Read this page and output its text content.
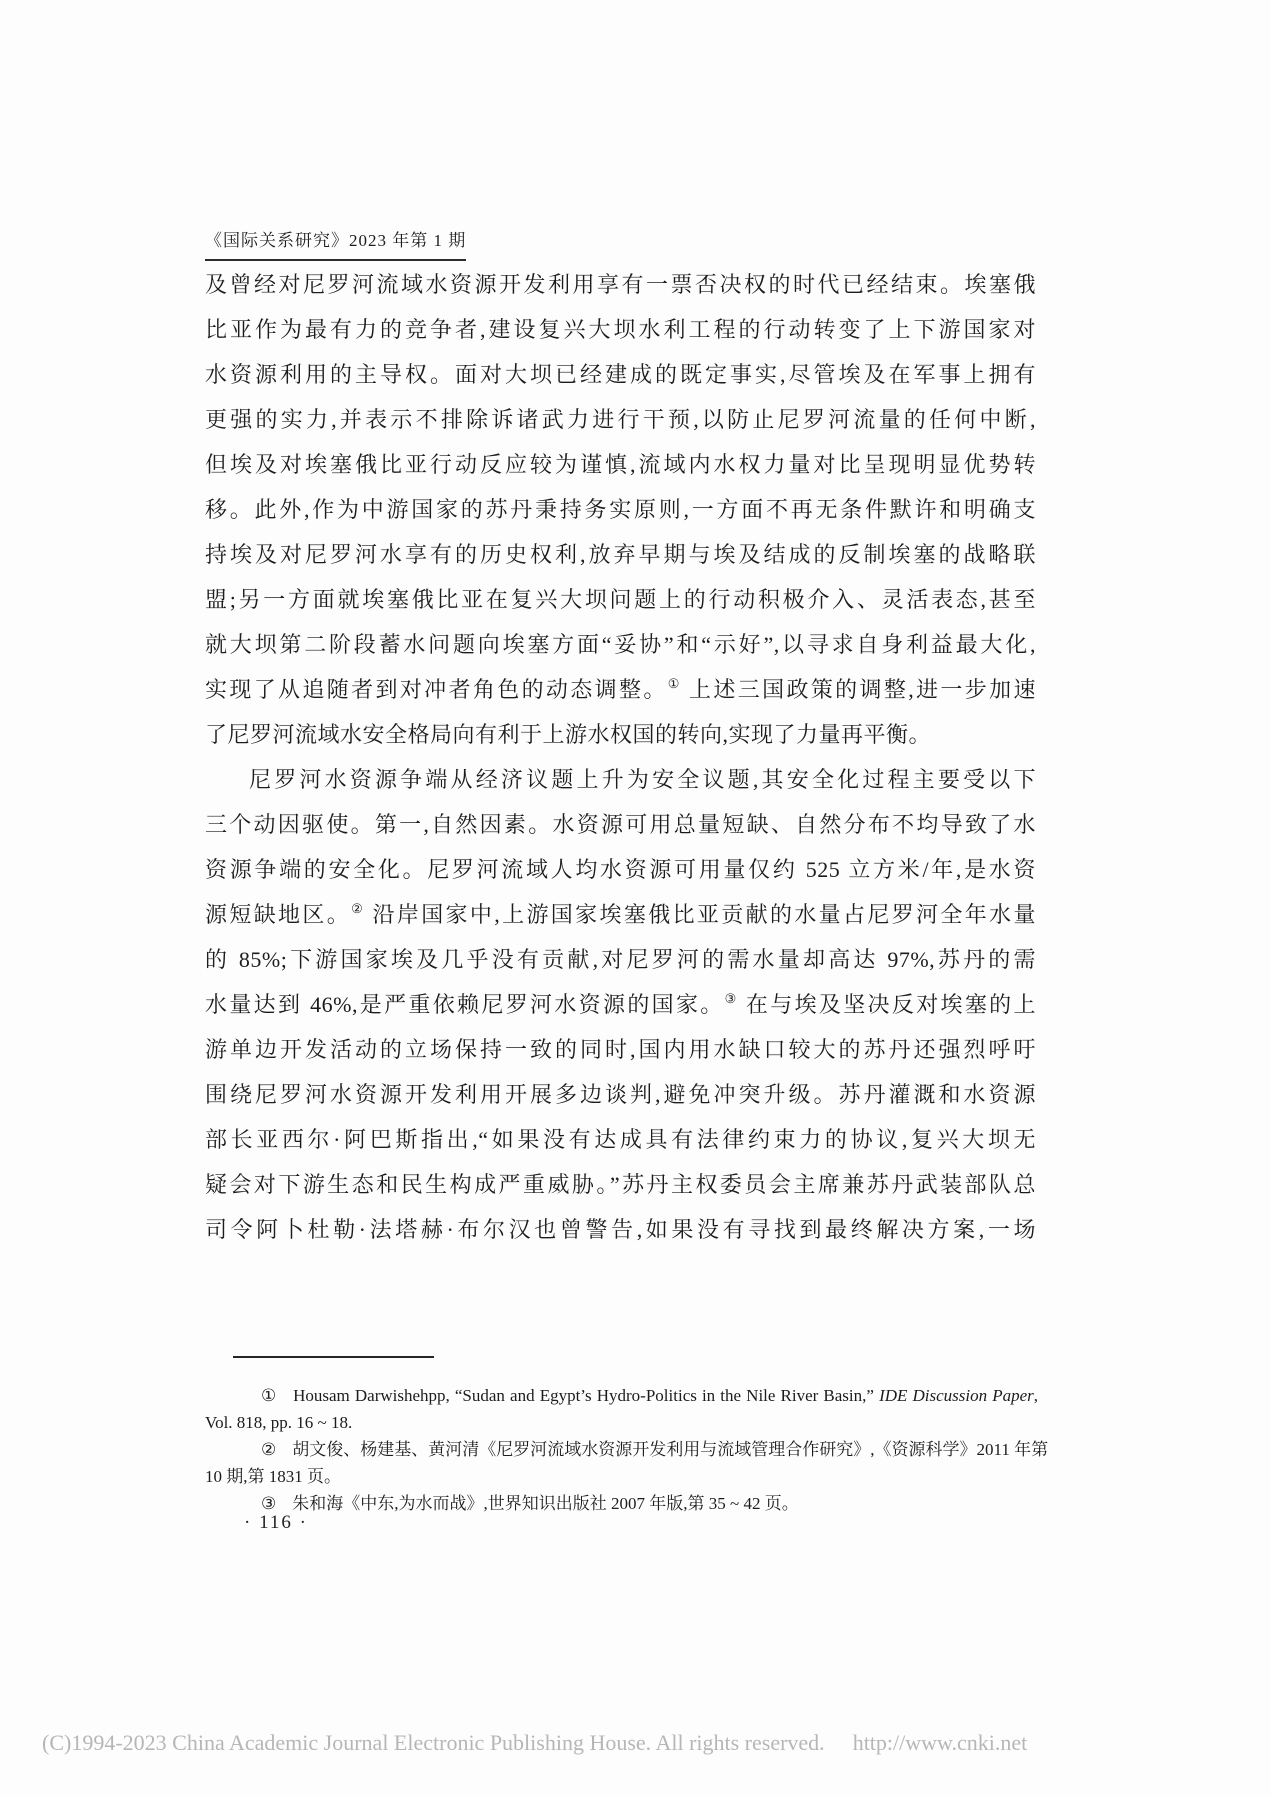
《国际关系研究》2023 年第 1 期
及曾经对尼罗河流域水资源开发利用享有一票否决权的时代已经结束。埃塞俄
比亚作为最有力的竞争者,建设复兴大坝水利工程的行动转变了上下游国家对
水资源利用的主导权。面对大坝已经建成的既定事实,尽管埃及在军事上拥有
更强的实力,并表示不排除诉诸武力进行干预,以防止尼罗河流量的任何中断,
但埃及对埃塞俄比亚行动反应较为谨慎,流域内水权力量对比呈现明显优势转
移。此外,作为中游国家的苏丹秉持务实原则,一方面不再无条件默许和明确支
持埃及对尼罗河水享有的历史权利,放弃早期与埃及结成的反制埃塞的战略联
盟;另一方面就埃塞俄比亚在复兴大坝问题上的行动积极介入、灵活表态,甚至
就大坝第二阶段蓄水问题向埃塞方面“妥协”和“示好”,以寻求自身利益最大化,
实现了从追随者到对冲者角色的动态调整。① 上述三国政策的调整,进一步加速
了尼罗河流域水安全格局向有利于上游水权国的转向,实现了力量再平衡。
尼罗河水资源争端从经济议题上升为安全议题,其安全化过程主要受以下
三个动因驱使。第一,自然因素。水资源可用总量短缺、自然分布不均导致了水
资源争端的安全化。尼罗河流域人均水资源可用量仅约 525 立方米/年,是水资
源短缺地区。② 沿岸国家中,上游国家埃塞俄比亚贡献的水量占尼罗河全年水量
的 85%;下游国家埃及几乎没有贡献,对尼罗河的需水量却高达 97%,苏丹的需
水量达到 46%,是严重依赖尼罗河水资源的国家。③ 在与埃及坚决反对埃塞的上
游单边开发活动的立场保持一致的同时,国内用水缺口较大的苏丹还强烈呼吁
围绕尼罗河水资源开发利用开展多边谈判,避免冲突升级。苏丹灌溉和水资源
部长亚西尔·阿巴斯指出,“如果没有达成具有法律约束力的协议,复兴大坝无
疑会对下游生态和民生构成严重威胁。”苏丹主权委员会主席兼苏丹武装部队总
司令阿卜杜勒·法塔赫·布尔汉也曾警告,如果没有寻找到最终解决方案,一场
① Housam Darwishehpp, “Sudan and Egypt’s Hydro-Politics in the Nile River Basin,” IDE Discussion Paper,
Vol. 818, pp. 16 ~ 18.
② 胡文俊、杨建基、黄河清《尼罗河流域水资源开发利用与流域管理合作研究》,《资源科学》2011 年第
10 期,第 1831 页。
③ 朱和海《中东,为水而战》,世界知识出版社 2007 年版,第 35 ~ 42 页。
· 116 ·
(C)1994-2023 China Academic Journal Electronic Publishing House. All rights reserved. http://www.cnki.net
